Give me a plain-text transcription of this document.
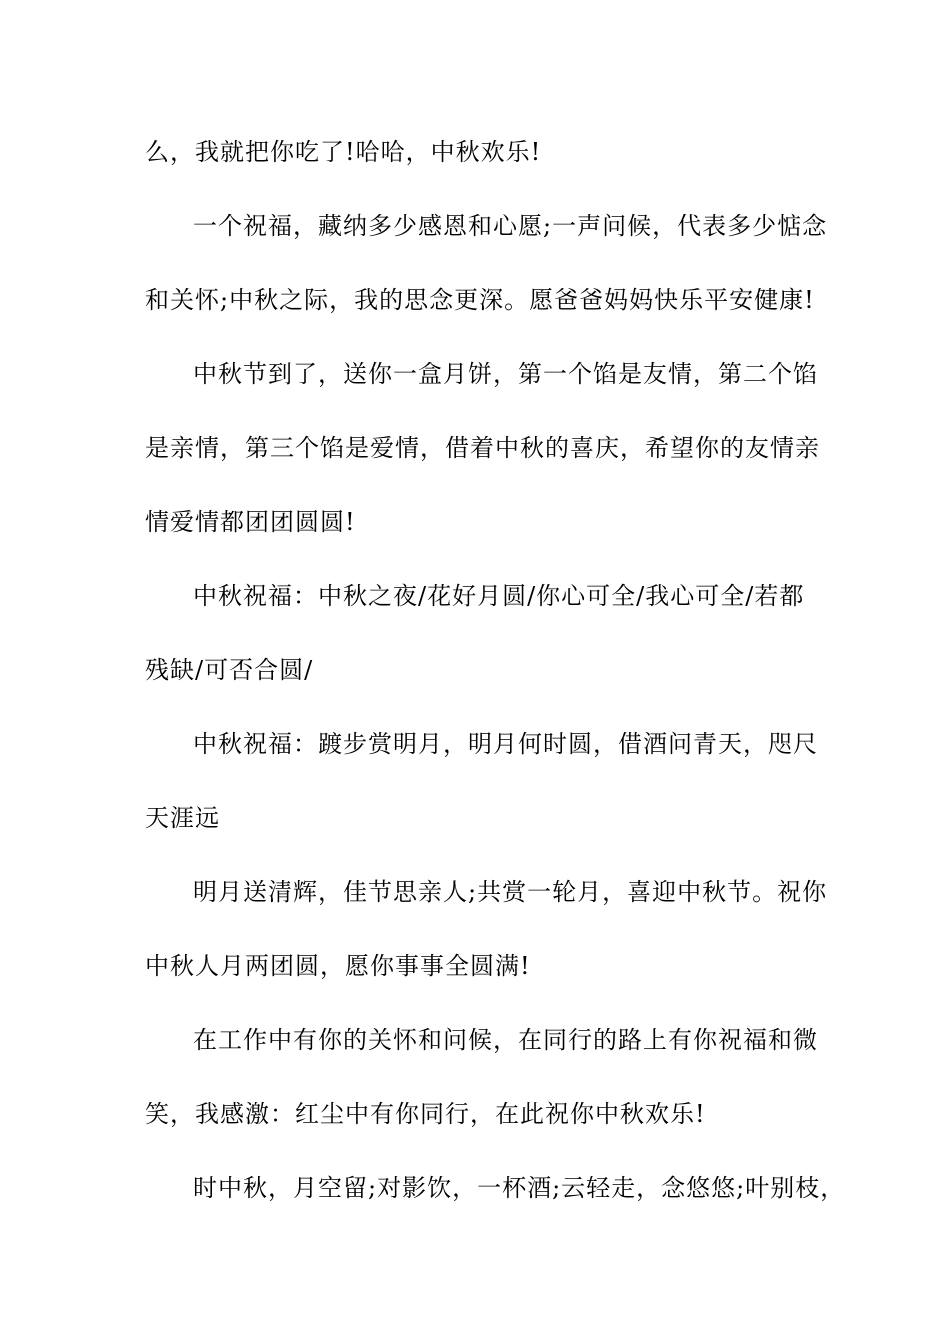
么，我就把你吃了!哈哈，中秋欢乐!
一个祝福，藏纳多少感恩和心愿;一声问候，代表多少惦念
和关怀;中秋之际，我的思念更深。愿爸爸妈妈快乐平安健康!
中秋节到了，送你一盒月饼，第一个馅是友情，第二个馅
是亲情，第三个馅是爱情，借着中秋的喜庆，希望你的友情亲
情爱情都团团圆圆!
中秋祝福：中秋之夜/花好月圆/你心可全/我心可全/若都
残缺/可否合圆/
中秋祝福：踱步赏明月，明月何时圆，借酒问青天，咫尺
天涯远
明月送清辉，佳节思亲人;共赏一轮月，喜迎中秋节。祝你
中秋人月两团圆，愿你事事全圆满!
在工作中有你的关怀和问候，在同行的路上有你祝福和微
笑，我感激：红尘中有你同行，在此祝你中秋欢乐!
时中秋，月空留;对影饮，一杯酒;云轻走，念悠悠;叶别枝，
